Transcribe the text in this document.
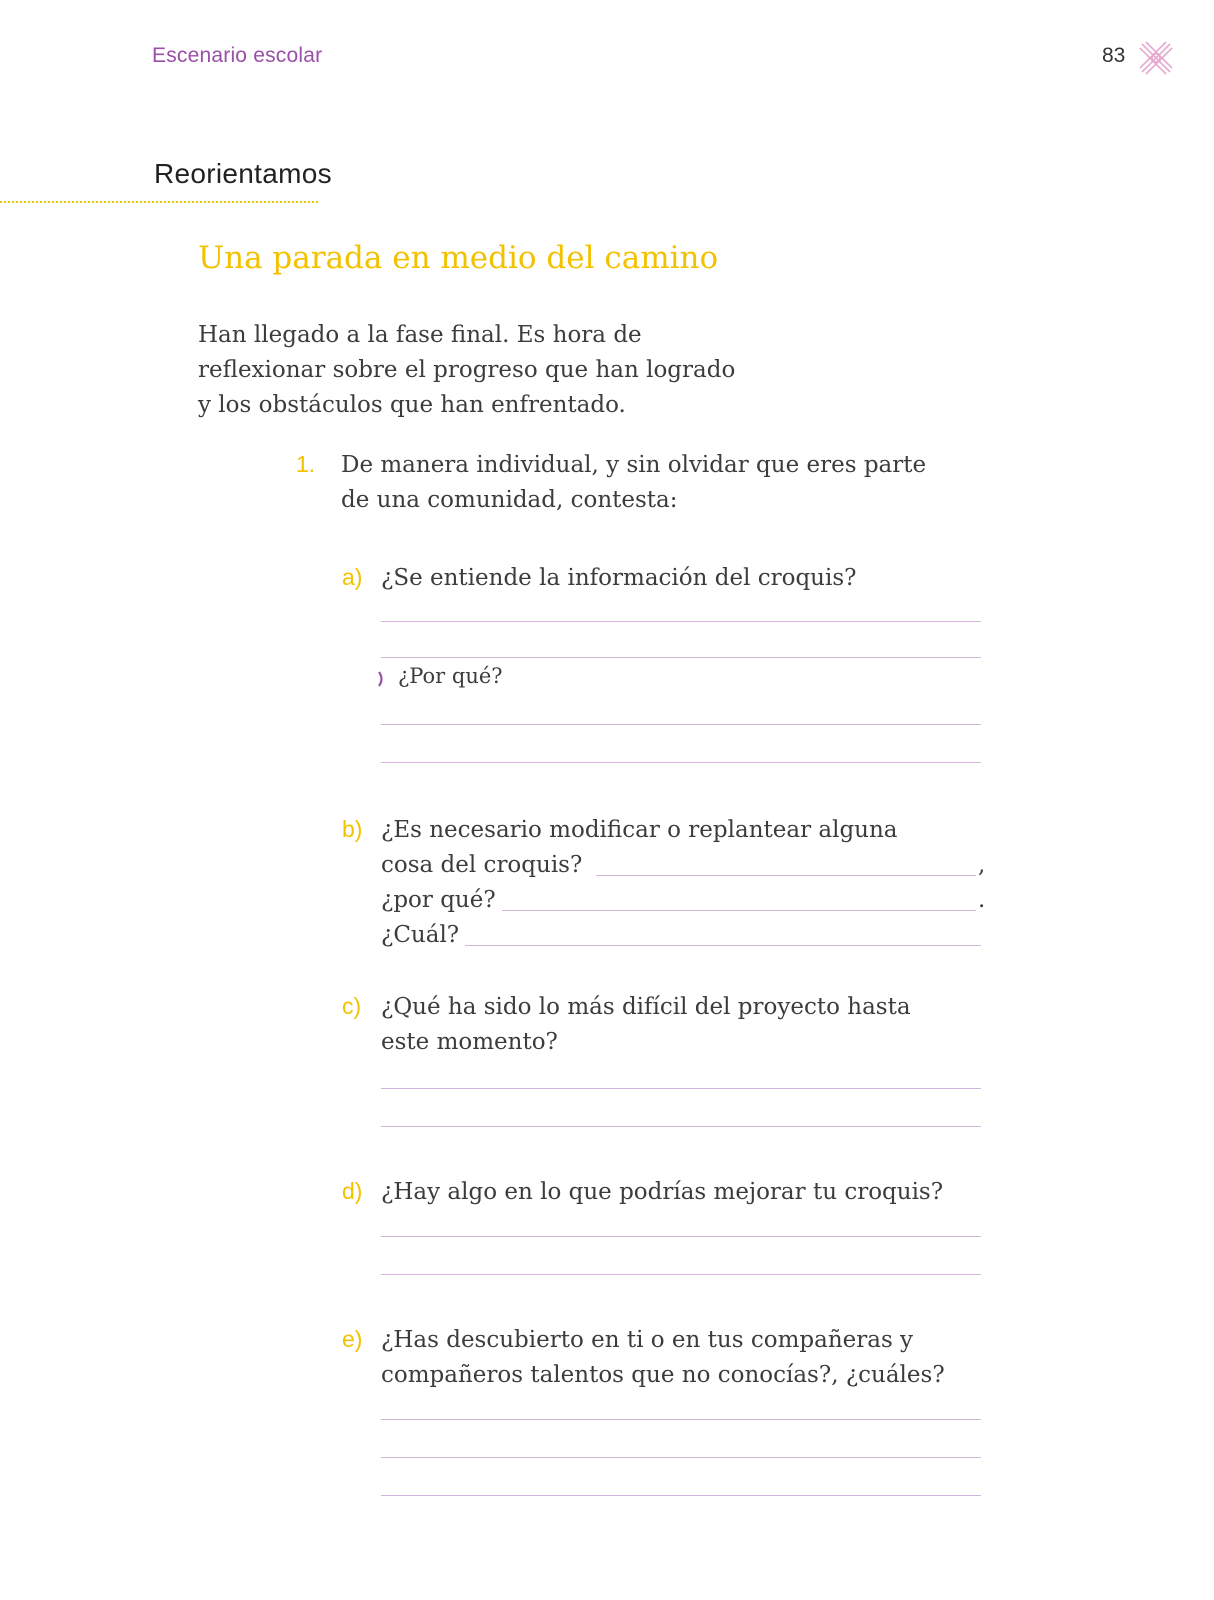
Escenario escolar	83
Reorientamos
Una parada en medio del camino
Han llegado a la fase final. Es hora de
reflexionar sobre el progreso que han logrado
y los obstáculos que han enfrentado.
1. De manera individual, y sin olvidar que eres parte
de una comunidad, contesta:
a) ¿Se entiende la información del croquis?
¿Por qué?
b) ¿Es necesario modificar o replantear alguna
cosa del croquis?	,
¿por qué?	.
¿Cuál?
c) ¿Qué ha sido lo más difícil del proyecto hasta
este momento?
d) ¿Hay algo en lo que podrías mejorar tu croquis?
e) ¿Has descubierto en ti o en tus compañeras y
compañeros talentos que no conocías?, ¿cuáles?
